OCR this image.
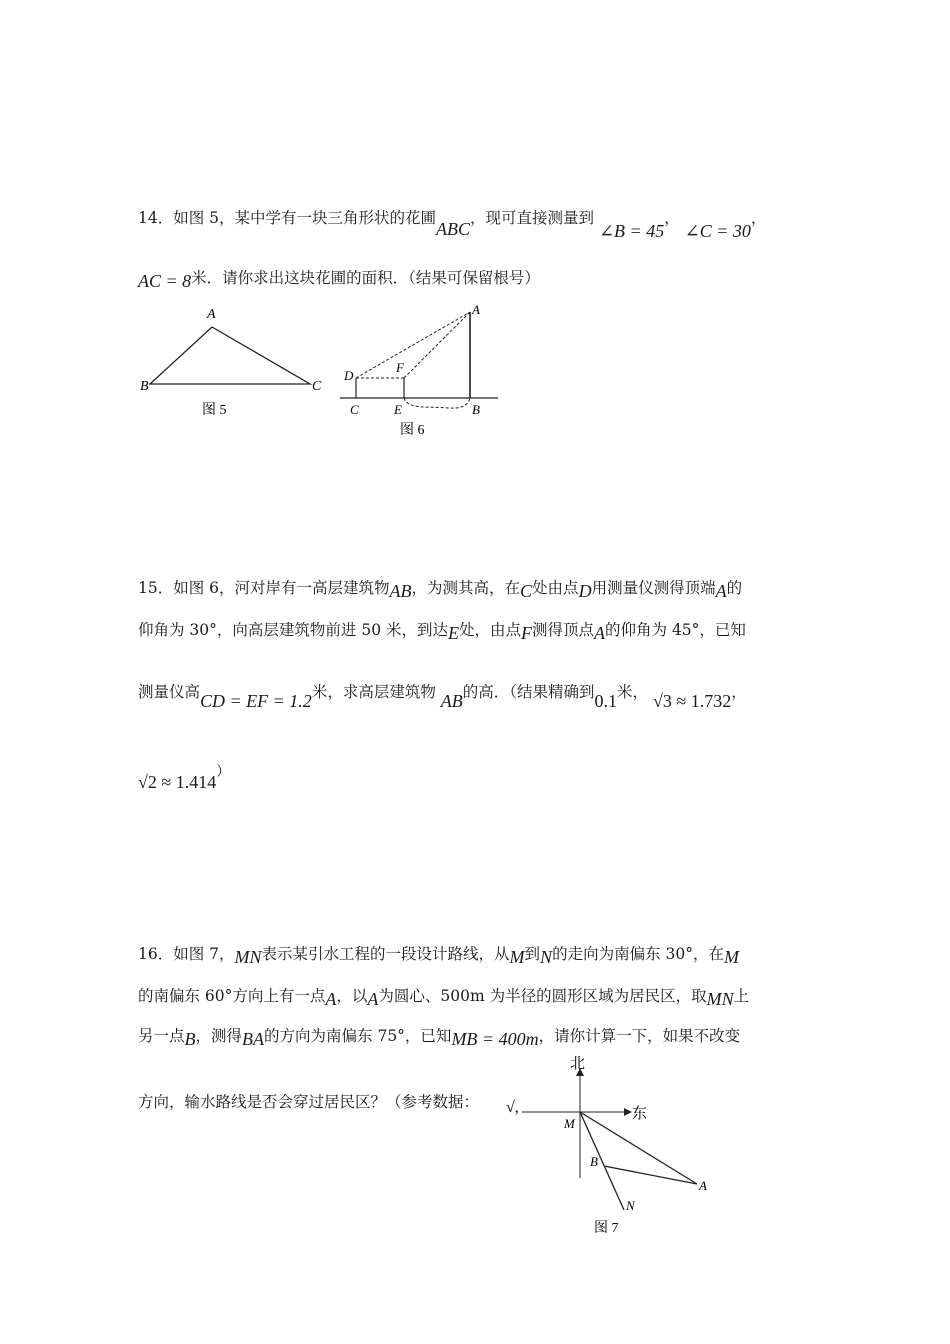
14．如图 5，某中学有一块三角形状的花圃ABC，现可直接测量到 ∠B = 45， ∠C = 30，
AC = 8米．请你求出这块花圃的面积．（结果可保留根号）
A
B	C
图 5
A
D
F
C	E	B
图 6
15．如图 6，河对岸有一高层建筑物AB，为测其高，在C处由点D用测量仪测得顶端A的
仰角为 30°，向高层建筑物前进 50 米，到达E处，由点F测得顶点A的仰角为 45°，已知
测量仪高CD = EF = 1.2米，求高层建筑物 AB的高．（结果精确到0.1米， √3 ≈ 1.732，
√2 ≈ 1.414）
16．如图 7，MN表示某引水工程的一段设计路线，从M到N的走向为南偏东 30°，在M
的南偏东 60°方向上有一点A，以A为圆心、500m 为半径的圆形区域为居民区，取MN上
另一点B，测得BA的方向为南偏东 75°，已知MB = 400m，请你计算一下，如果不改变
方向，输水路线是否会穿过居民区？（参考数据： √,
北
东
M
B
A
N
图 7
